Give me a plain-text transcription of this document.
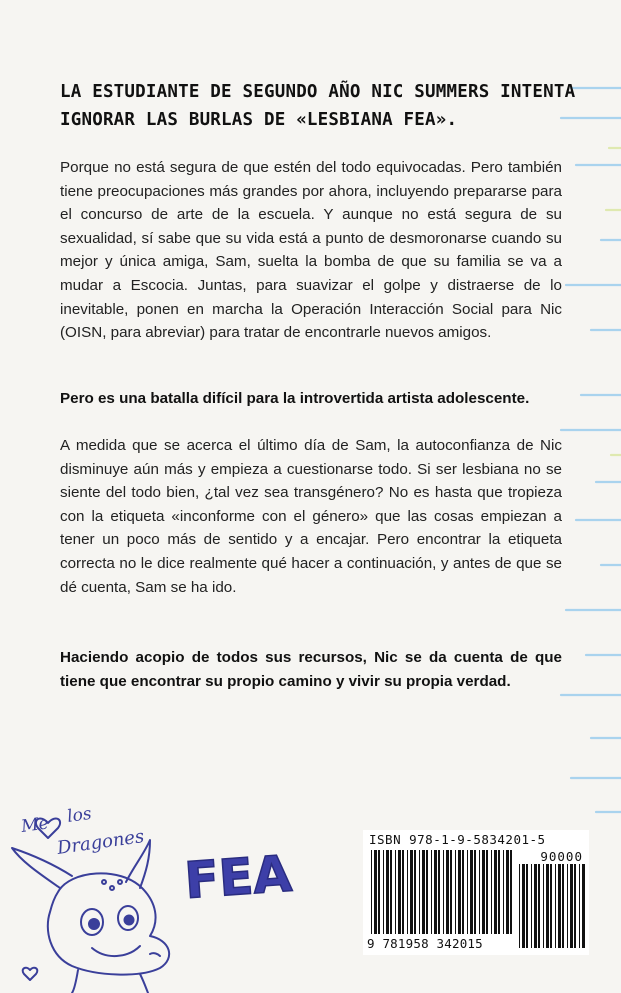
LA ESTUDIANTE DE SEGUNDO AÑO NIC SUMMERS INTENTA IGNORAR LAS BURLAS DE «LESBIANA FEA».

Porque no está segura de que estén del todo equivocadas. Pero también tiene preocupaciones más grandes por ahora, incluyendo prepararse para el concurso de arte de la escuela. Y aunque no está segura de su sexualidad, sí sabe que su vida está a punto de desmoronarse cuando su mejor y única amiga, Sam, suelta la bomba de que su familia se va a mudar a Escocia. Juntas, para suavizar el golpe y distraerse de lo inevitable, ponen en marcha la Operación Interacción Social para Nic (OISN, para abreviar) para tratar de encontrarle nuevos amigos.

Pero es una batalla difícil para la introvertida artista adolescente.

A medida que se acerca el último día de Sam, la autoconfianza de Nic disminuye aún más y empieza a cuestionarse todo. Si ser lesbiana no se siente del todo bien, ¿tal vez sea transgénero? No es hasta que tropieza con la etiqueta «inconforme con el género» que las cosas empiezan a tener un poco más de sentido y a encajar. Pero encontrar la etiqueta correcta no le dice realmente qué hacer a continuación, y antes de que se dé cuenta, Sam se ha ido.

Haciendo acopio de todos sus recursos, Nic se da cuenta de que tiene que encontrar su propio camino y vivir su propia verdad.

Me los
Dragones
FEA
ISBN 978-1-9-5834201-5
90000
9 781958 342015
